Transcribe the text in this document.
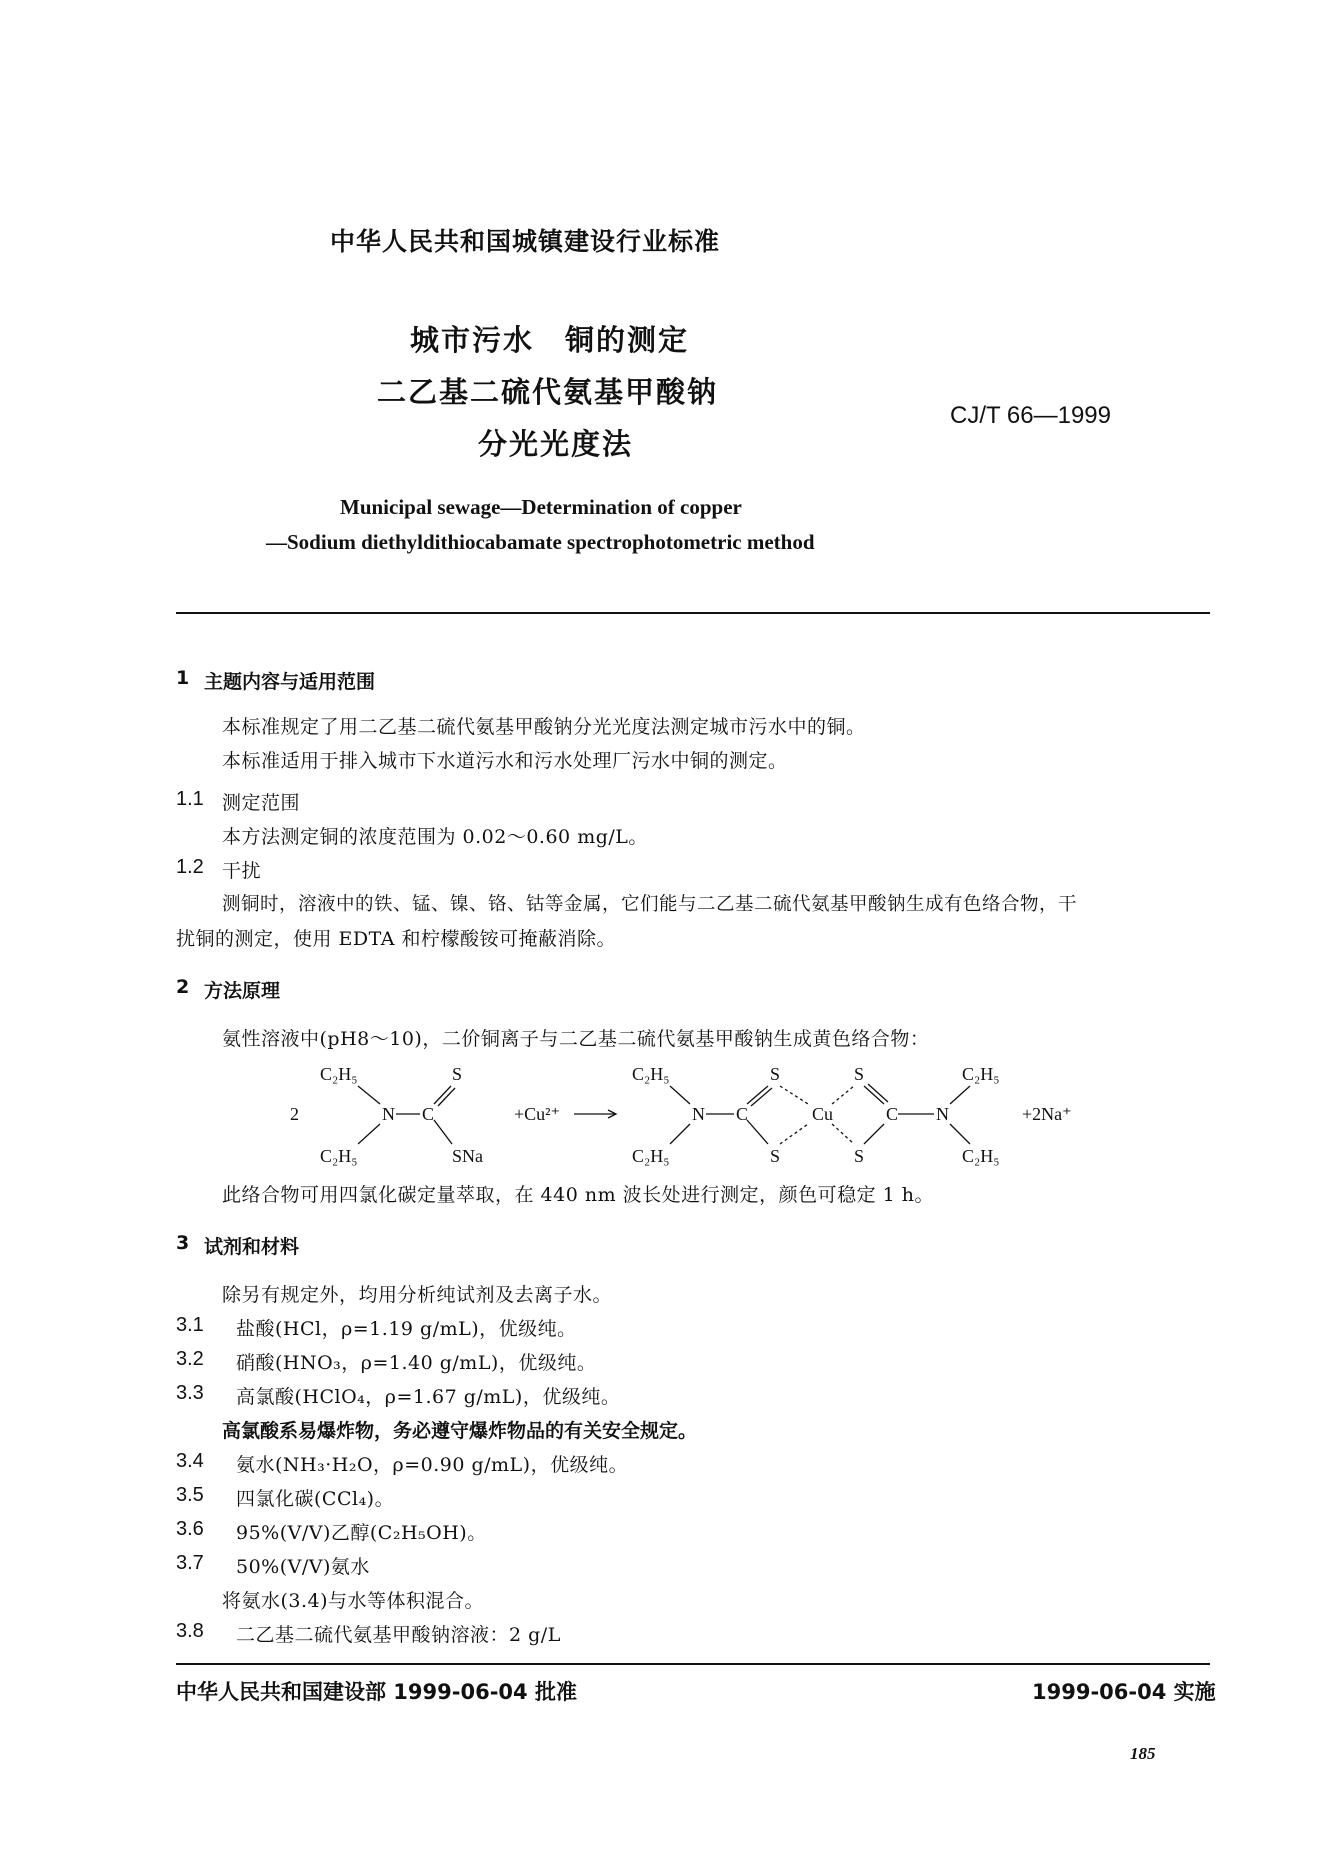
中华人民共和国城镇建设行业标准
城市污水　铜的测定
二乙基二硫代氨基甲酸钠
分光光度法
CJ/T 66—1999
Municipal sewage—Determination of copper
—Sodium diethyldithiocabamate spectrophotometric method
1 主题内容与适用范围
本标准规定了用二乙基二硫代氨基甲酸钠分光光度法测定城市污水中的铜。
本标准适用于排入城市下水道污水和污水处理厂污水中铜的测定。
1.1 测定范围
本方法测定铜的浓度范围为 0.02～0.60 mg/L。
1.2 干扰
测铜时，溶液中的铁、锰、镍、铬、钴等金属，它们能与二乙基二硫代氨基甲酸钠生成有色络合物，干
扰铜的测定，使用 EDTA 和柠檬酸铵可掩蔽消除。
2 方法原理
氨性溶液中(pH8～10)，二价铜离子与二乙基二硫代氨基甲酸钠生成黄色络合物：
2
C₂H₅
C₂H₅
N C
S
SNa
+Cu²⁺
C₂H₅
C₂H₅
N C
S
S
Cu
S
S
C N
C₂H₅
C₂H₅
+2Na⁺
此络合物可用四氯化碳定量萃取，在 440 nm 波长处进行测定，颜色可稳定 1 h。
3 试剂和材料
除另有规定外，均用分析纯试剂及去离子水。
3.1 盐酸(HCl，ρ=1.19 g/mL)，优级纯。
3.2 硝酸(HNO₃，ρ=1.40 g/mL)，优级纯。
3.3 高氯酸(HClO₄，ρ=1.67 g/mL)，优级纯。
高氯酸系易爆炸物，务必遵守爆炸物品的有关安全规定。
3.4 氨水(NH₃·H₂O，ρ=0.90 g/mL)，优级纯。
3.5 四氯化碳(CCl₄)。
3.6 95%(V/V)乙醇(C₂H₅OH)。
3.7 50%(V/V)氨水
将氨水(3.4)与水等体积混合。
3.8 二乙基二硫代氨基甲酸钠溶液：2 g/L
中华人民共和国建设部 1999-06-04 批准	1999-06-04 实施
185
